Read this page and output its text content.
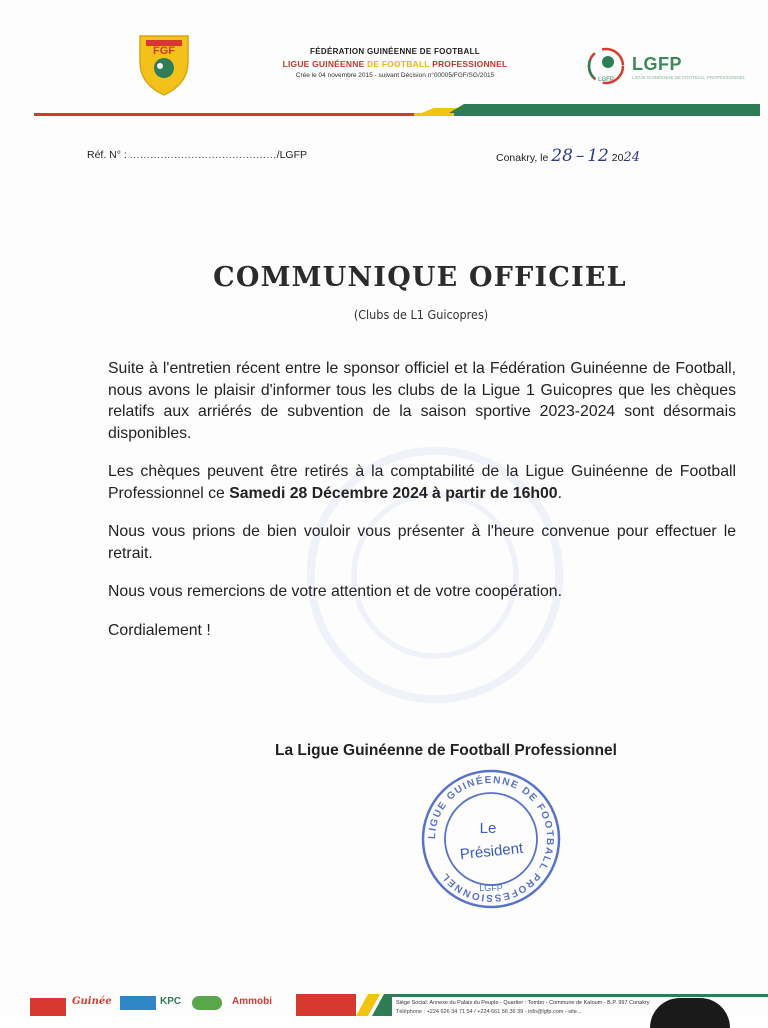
FGF	FÉDÉRATION GUINÉENNE DE FOOTBALL
LIGUE GUINÉENNE DE FOOTBALL PROFESSIONNEL
Crée le 04 novembre 2015 - suivant Décision n°00005/FGF/SG/2015
LGFP
LGFP
LIGUE GUINÉENNE DE FOOTBALL PROFESSIONNEL
Réf. N° : .........................................../LGFP	Conakry, le 28 – 12 2024
COMMUNIQUE OFFICIEL
(Clubs de L1 Guicopres)

Suite à l'entretien récent entre le sponsor officiel et la Fédération Guinéenne de Football, nous avons le plaisir d'informer tous les clubs de la Ligue 1 Guicopres que les chèques relatifs aux arriérés de subvention de la saison sportive 2023-2024 sont désormais disponibles.

Les chèques peuvent être retirés à la comptabilité de la Ligue Guinéenne de Football Professionnel ce Samedi 28 Décembre 2024 à partir de 16h00.

Nous vous prions de bien vouloir vous présenter à l'heure convenue pour effectuer le retrait.

Nous vous remercions de votre attention et de votre coopération.

Cordialement !

La Ligue Guinéenne de Football Professionnel
LIGUE GUINÉENNE DE FOOTBALL PROFESSIONNEL
Le
Président
LGFP
Guinée	KPC	Ammobi	Siège Social: Annexe du Palais du Peuple - Quartier : Tombo - Commune de Kaloum - B.P. 997 Conakry
Téléphone : +224 626 34 71 54 / +224 661 56 36 39 - info@lgfp.com - site...
